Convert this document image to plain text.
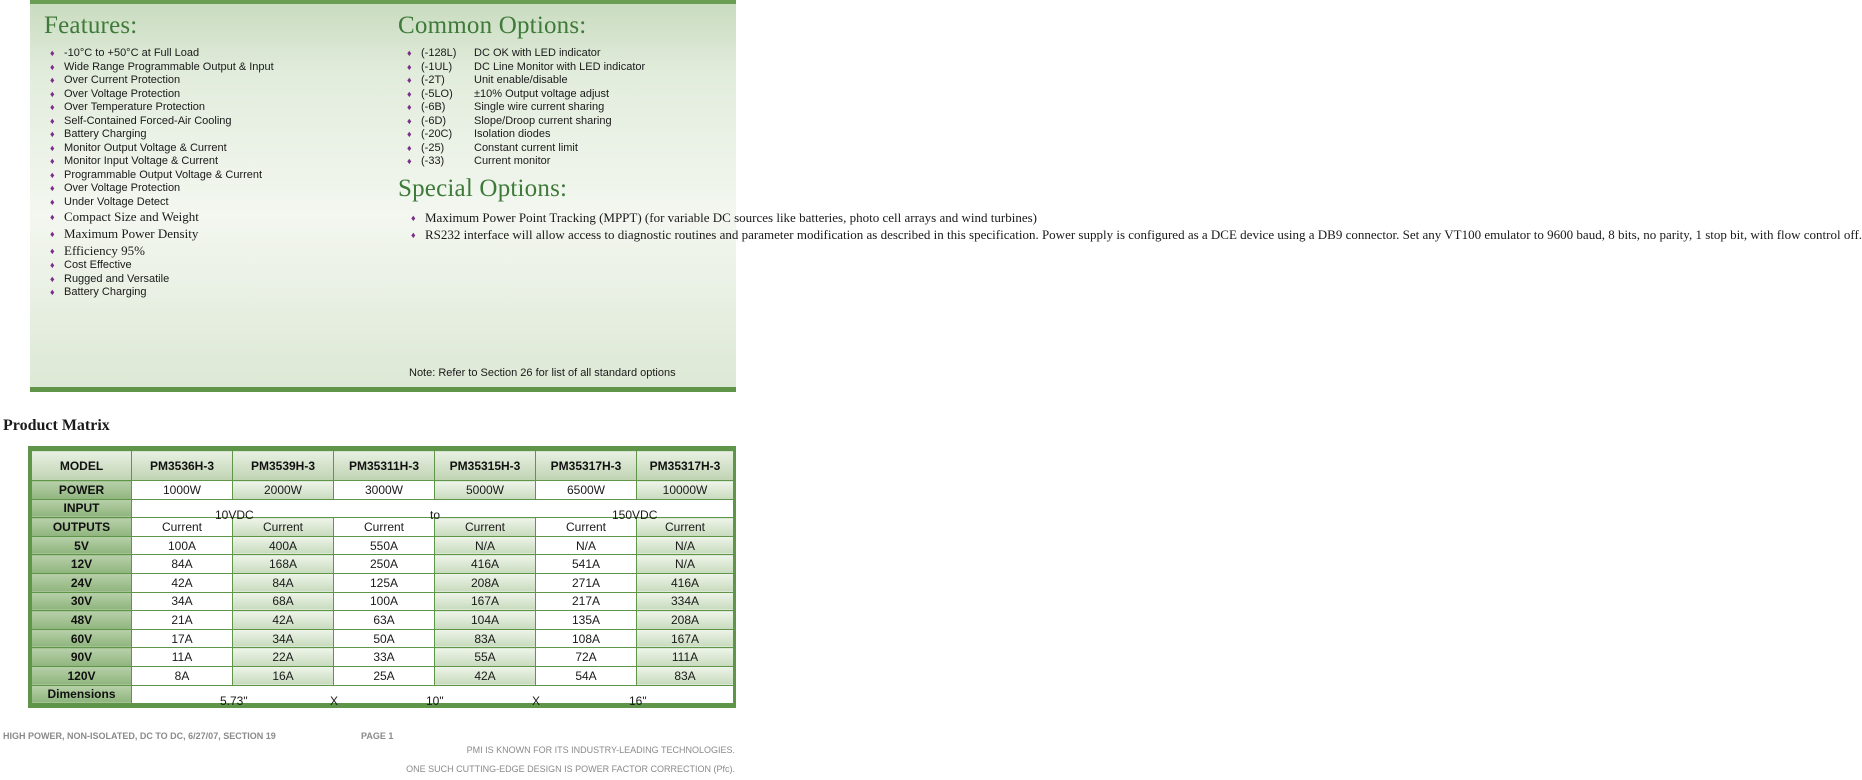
Features:
♦ -10°C to +50°C at Full Load
♦ Wide Range Programmable Output & Input
♦ Over Current Protection
♦ Over Voltage Protection
♦ Over Temperature Protection
♦ Self-Contained Forced-Air Cooling
♦ Battery Charging
♦ Monitor Output Voltage & Current
♦ Monitor Input Voltage & Current
♦ Programmable Output Voltage & Current
♦ Over Voltage Protection
♦ Under Voltage Detect
♦ Compact Size and Weight
♦ Maximum Power Density
♦ Efficiency 95%
♦ Cost Effective
♦ Rugged and Versatile
♦ Battery Charging
Common Options:
♦ (-128L) DC OK with LED indicator
♦ (-1UL) DC Line Monitor with LED indicator
♦ (-2T)	Unit enable/disable
♦ (-5LO) ±10% Output voltage adjust
♦ (-6B)	Single wire current sharing
♦ (-6D)	Slope/Droop current sharing
♦ (-20C) Isolation diodes
♦ (-25)	Constant current limit
♦ (-33)	Current monitor
Special Options:
♦ Maximum Power Point Tracking (MPPT) (for variable DC sources like batteries, photo cell arrays and wind turbines)
♦ RS232 interface will allow access to diagnostic routines and parameter modification as described in this specification. Power supply is configured as a DCE device using a DB9 connector. Set any VT100 emulator to 9600 baud, 8 bits, no parity, 1 stop bit, with flow control off.
Note: Refer to Section 26 for list of all standard options
Product Matrix
MODEL	PM3536H-3	PM3539H-3	PM35311H-3	PM35315H-3	PM35317H-3	PM35317H-3
POWER	1000W	2000W	3000W	5000W	6500W	10000W
INPUT	10VDC to 150VDC					

OUTPUTS	Current	Current	Current	Current	Current	Current
5V	100A	400A	550A	N/A	N/A	N/A
12V	84A	168A	250A	416A	541A	N/A
24V	42A	84A	125A	208A	271A	416A
30V	34A	68A	100A	167A	217A	334A
48V	21A	42A	63A	104A	135A	208A
60V	17A	34A	50A	83A	108A	167A
90V	11A	22A	33A	55A	72A	111A
120V	8A	16A	25A	42A	54A	83A
Dimensions	5.73" X 10" X 16"					
HIGH POWER, NON-ISOLATED, DC TO DC, 6/27/07, SECTION 19	PAGE 1
PMI IS KNOWN FOR ITS INDUSTRY-LEADING TECHNOLOGIES.
ONE SUCH CUTTING-EDGE DESIGN IS POWER FACTOR CORRECTION (Pfc).
